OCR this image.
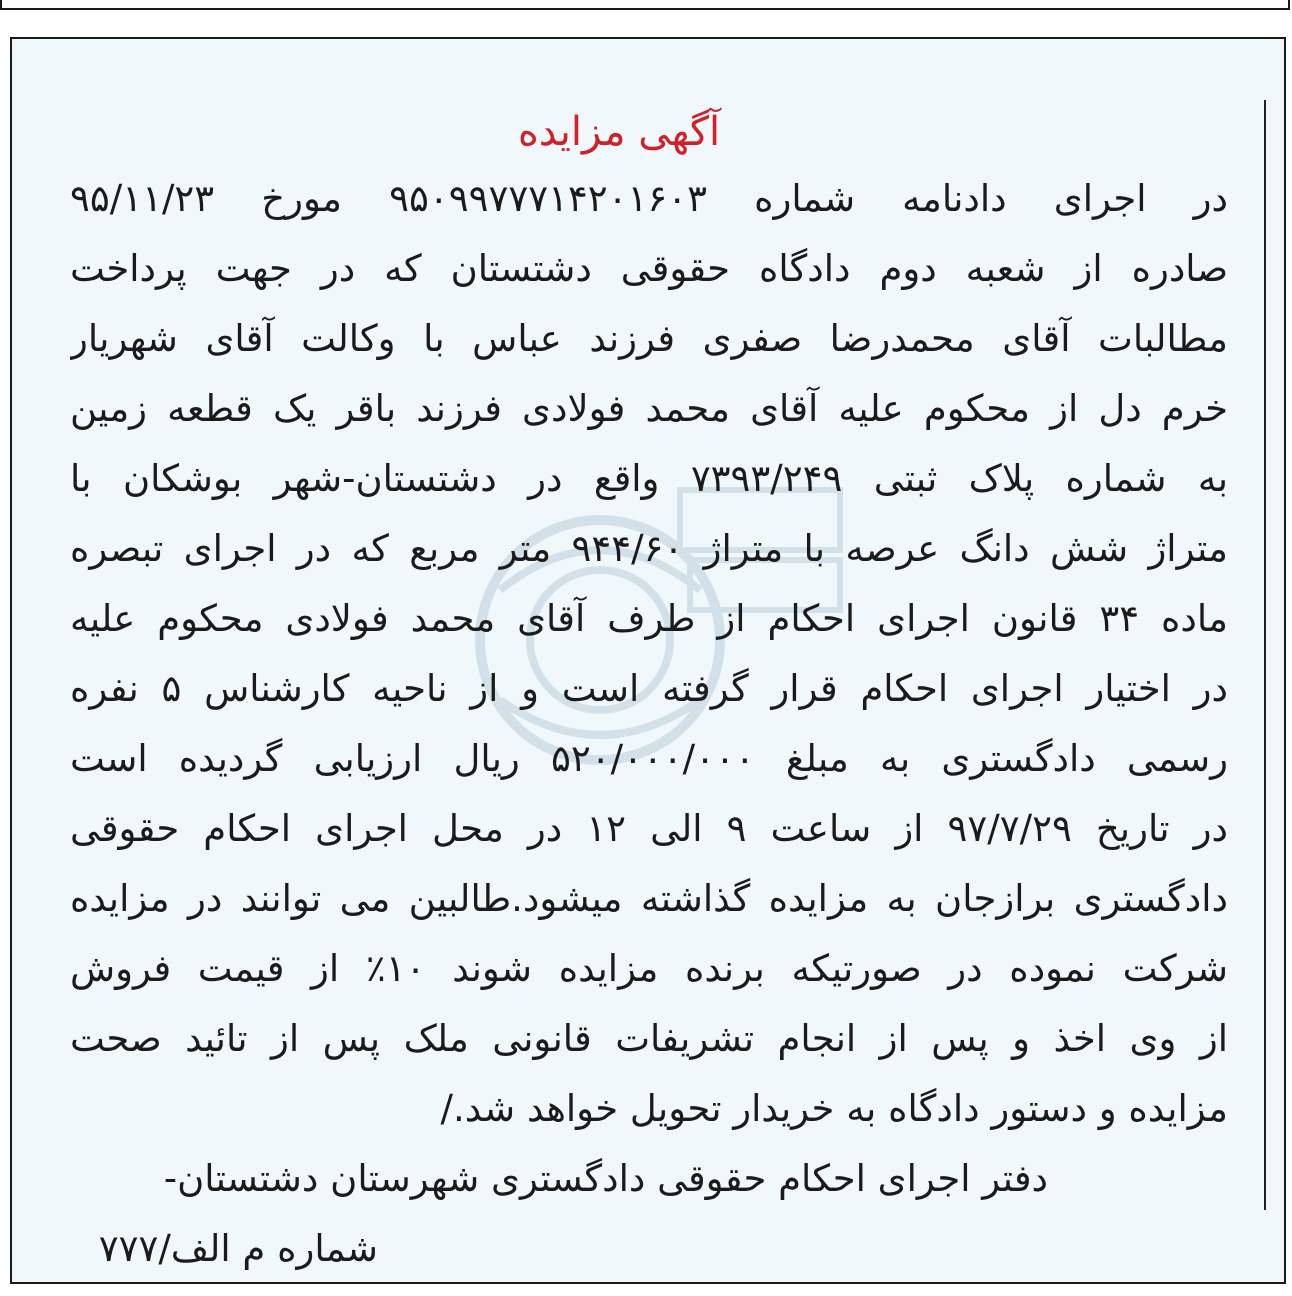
آگهی مزایده
در اجرای دادنامه شماره ۹۵۰۹۹۷۷۷۱۴۲۰۱۶۰۳ مورخ ۹۵/۱۱/۲۳
صادره از شعبه دوم دادگاه حقوقی دشتستان که در جهت پرداخت
مطالبات آقای محمدرضا صفری فرزند عباس با وکالت آقای شهریار
خرم دل از محکوم علیه آقای محمد فولادی فرزند باقر یک قطعه زمین
به شماره پلاک ثبتی ۷۳۹۳/۲۴۹ واقع در دشتستان-شهر بوشکان با
متراژ شش دانگ عرصه با متراژ ۹۴۴/۶۰ متر مربع که در اجرای تبصره
ماده ۳۴ قانون اجرای احکام از طرف آقای محمد فولادی محکوم علیه
در اختیار اجرای احکام قرار گرفته است و از ناحیه کارشناس ۵ نفره
رسمی دادگستری به مبلغ ۵۲۰/۰۰۰/۰۰۰ ریال ارزیابی گردیده است
در تاریخ ۹۷/۷/۲۹ از ساعت ۹ الی ۱۲ در محل اجرای احکام حقوقی
دادگستری برازجان به مزایده گذاشته میشود.طالبین می توانند در مزایده
شرکت نموده در صورتیکه برنده مزایده شوند ۱۰٪ از قیمت فروش
از وی اخذ و پس از انجام تشریفات قانونی ملک پس از تائید صحت
مزایده و دستور دادگاه به خریدار تحویل خواهد شد./
دفتر اجرای احکام حقوقی دادگستری شهرستان دشتستان-
شماره م الف/۷۷۷
